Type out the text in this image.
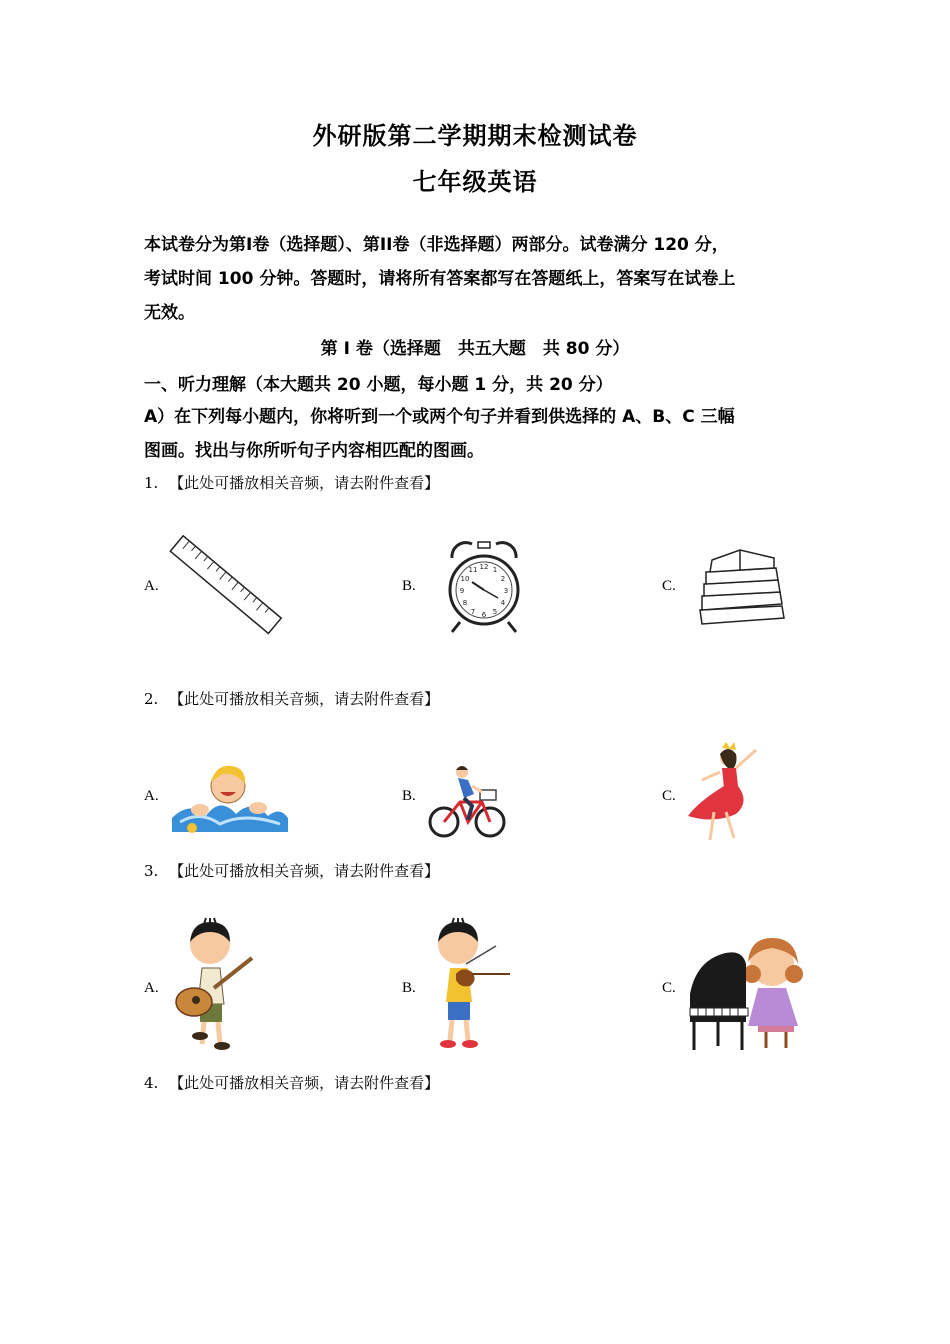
外研版第二学期期末检测试卷
七年级英语
本试卷分为第I卷（选择题）、第II卷（非选择题）两部分。试卷满分 120 分，
考试时间 100 分钟。答题时，请将所有答案都写在答题纸上，答案写在试卷上
无效。
第 I 卷（选择题　共五大题　共 80 分）
一、听力理解（本大题共 20 小题，每小题 1 分，共 20 分）
A）在下列每小题内，你将听到一个或两个句子并看到供选择的 A、B、C 三幅
图画。找出与你所听句子内容相匹配的图画。
1. 【此处可播放相关音频，请去附件查看】
A.	B.	C.
12
3
6
9
1
2
4
5
7
8
10
11
2. 【此处可播放相关音频，请去附件查看】
A.	B.	C.
3. 【此处可播放相关音频，请去附件查看】
A.	B.	C.
4. 【此处可播放相关音频，请去附件查看】
